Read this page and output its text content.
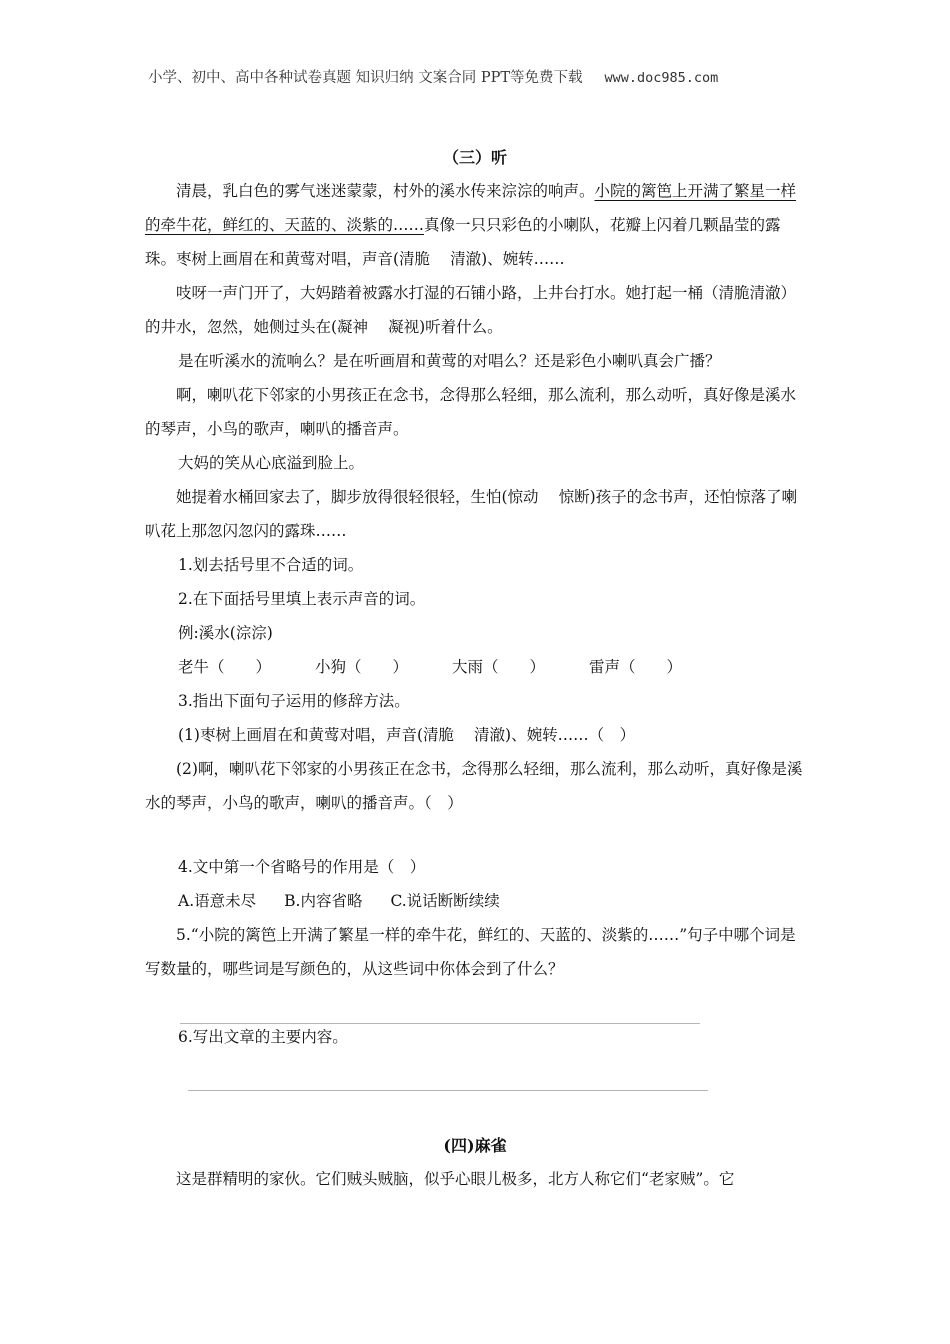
小学、初中、高中各种试卷真题 知识归纳 文案合同 PPT等免费下载 www.doc985.com
（三）听

清晨，乳白色的雾气迷迷蒙蒙，村外的溪水传来淙淙的响声。小院的篱笆上开满了繁星一样的牵牛花，鲜红的、天蓝的、淡紫的……真像一只只彩色的小喇队，花瓣上闪着几颗晶莹的露珠。枣树上画眉在和黄莺对唱，声音(清脆 清澈)、婉转……

吱呀一声门开了，大妈踏着被露水打湿的石铺小路，上井台打水。她打起一桶（清脆清澈）的井水，忽然，她侧过头在(凝神 凝视)听着什么。

是在听溪水的流响么？是在听画眉和黄莺的对唱么？还是彩色小喇叭真会广播？

啊，喇叭花下邻家的小男孩正在念书，念得那么轻细，那么流利，那么动听，真好像是溪水的琴声，小鸟的歌声，喇叭的播音声。

大妈的笑从心底溢到脸上。

她提着水桶回家去了，脚步放得很轻很轻，生怕(惊动 惊断)孩子的念书声，还怕惊落了喇叭花上那忽闪忽闪的露珠……

1.划去括号里不合适的词。

2.在下面括号里填上表示声音的词。

例:溪水(淙淙)

老牛（　　）	小狗（　　）	大雨（　　）	雷声（　　）

3.指出下面句子运用的修辞方法。

(1)枣树上画眉在和黄莺对唱，声音(清脆 清澈)、婉转……（　）

(2)啊，喇叭花下邻家的小男孩正在念书，念得那么轻细，那么流利，那么动听，真好像是溪水的琴声，小鸟的歌声，喇叭的播音声。（　）

4.文中第一个省略号的作用是（　）

A.语意未尽 B.内容省略 C.说话断断续续

5.“小院的篱笆上开满了繁星一样的牵牛花，鲜红的、天蓝的、淡紫的……”句子中哪个词是写数量的，哪些词是写颜色的，从这些词中你体会到了什么？

6.写出文章的主要内容。

(四)麻雀

这是群精明的家伙。它们贼头贼脑，似乎心眼儿极多，北方人称它们“老家贼”。它
